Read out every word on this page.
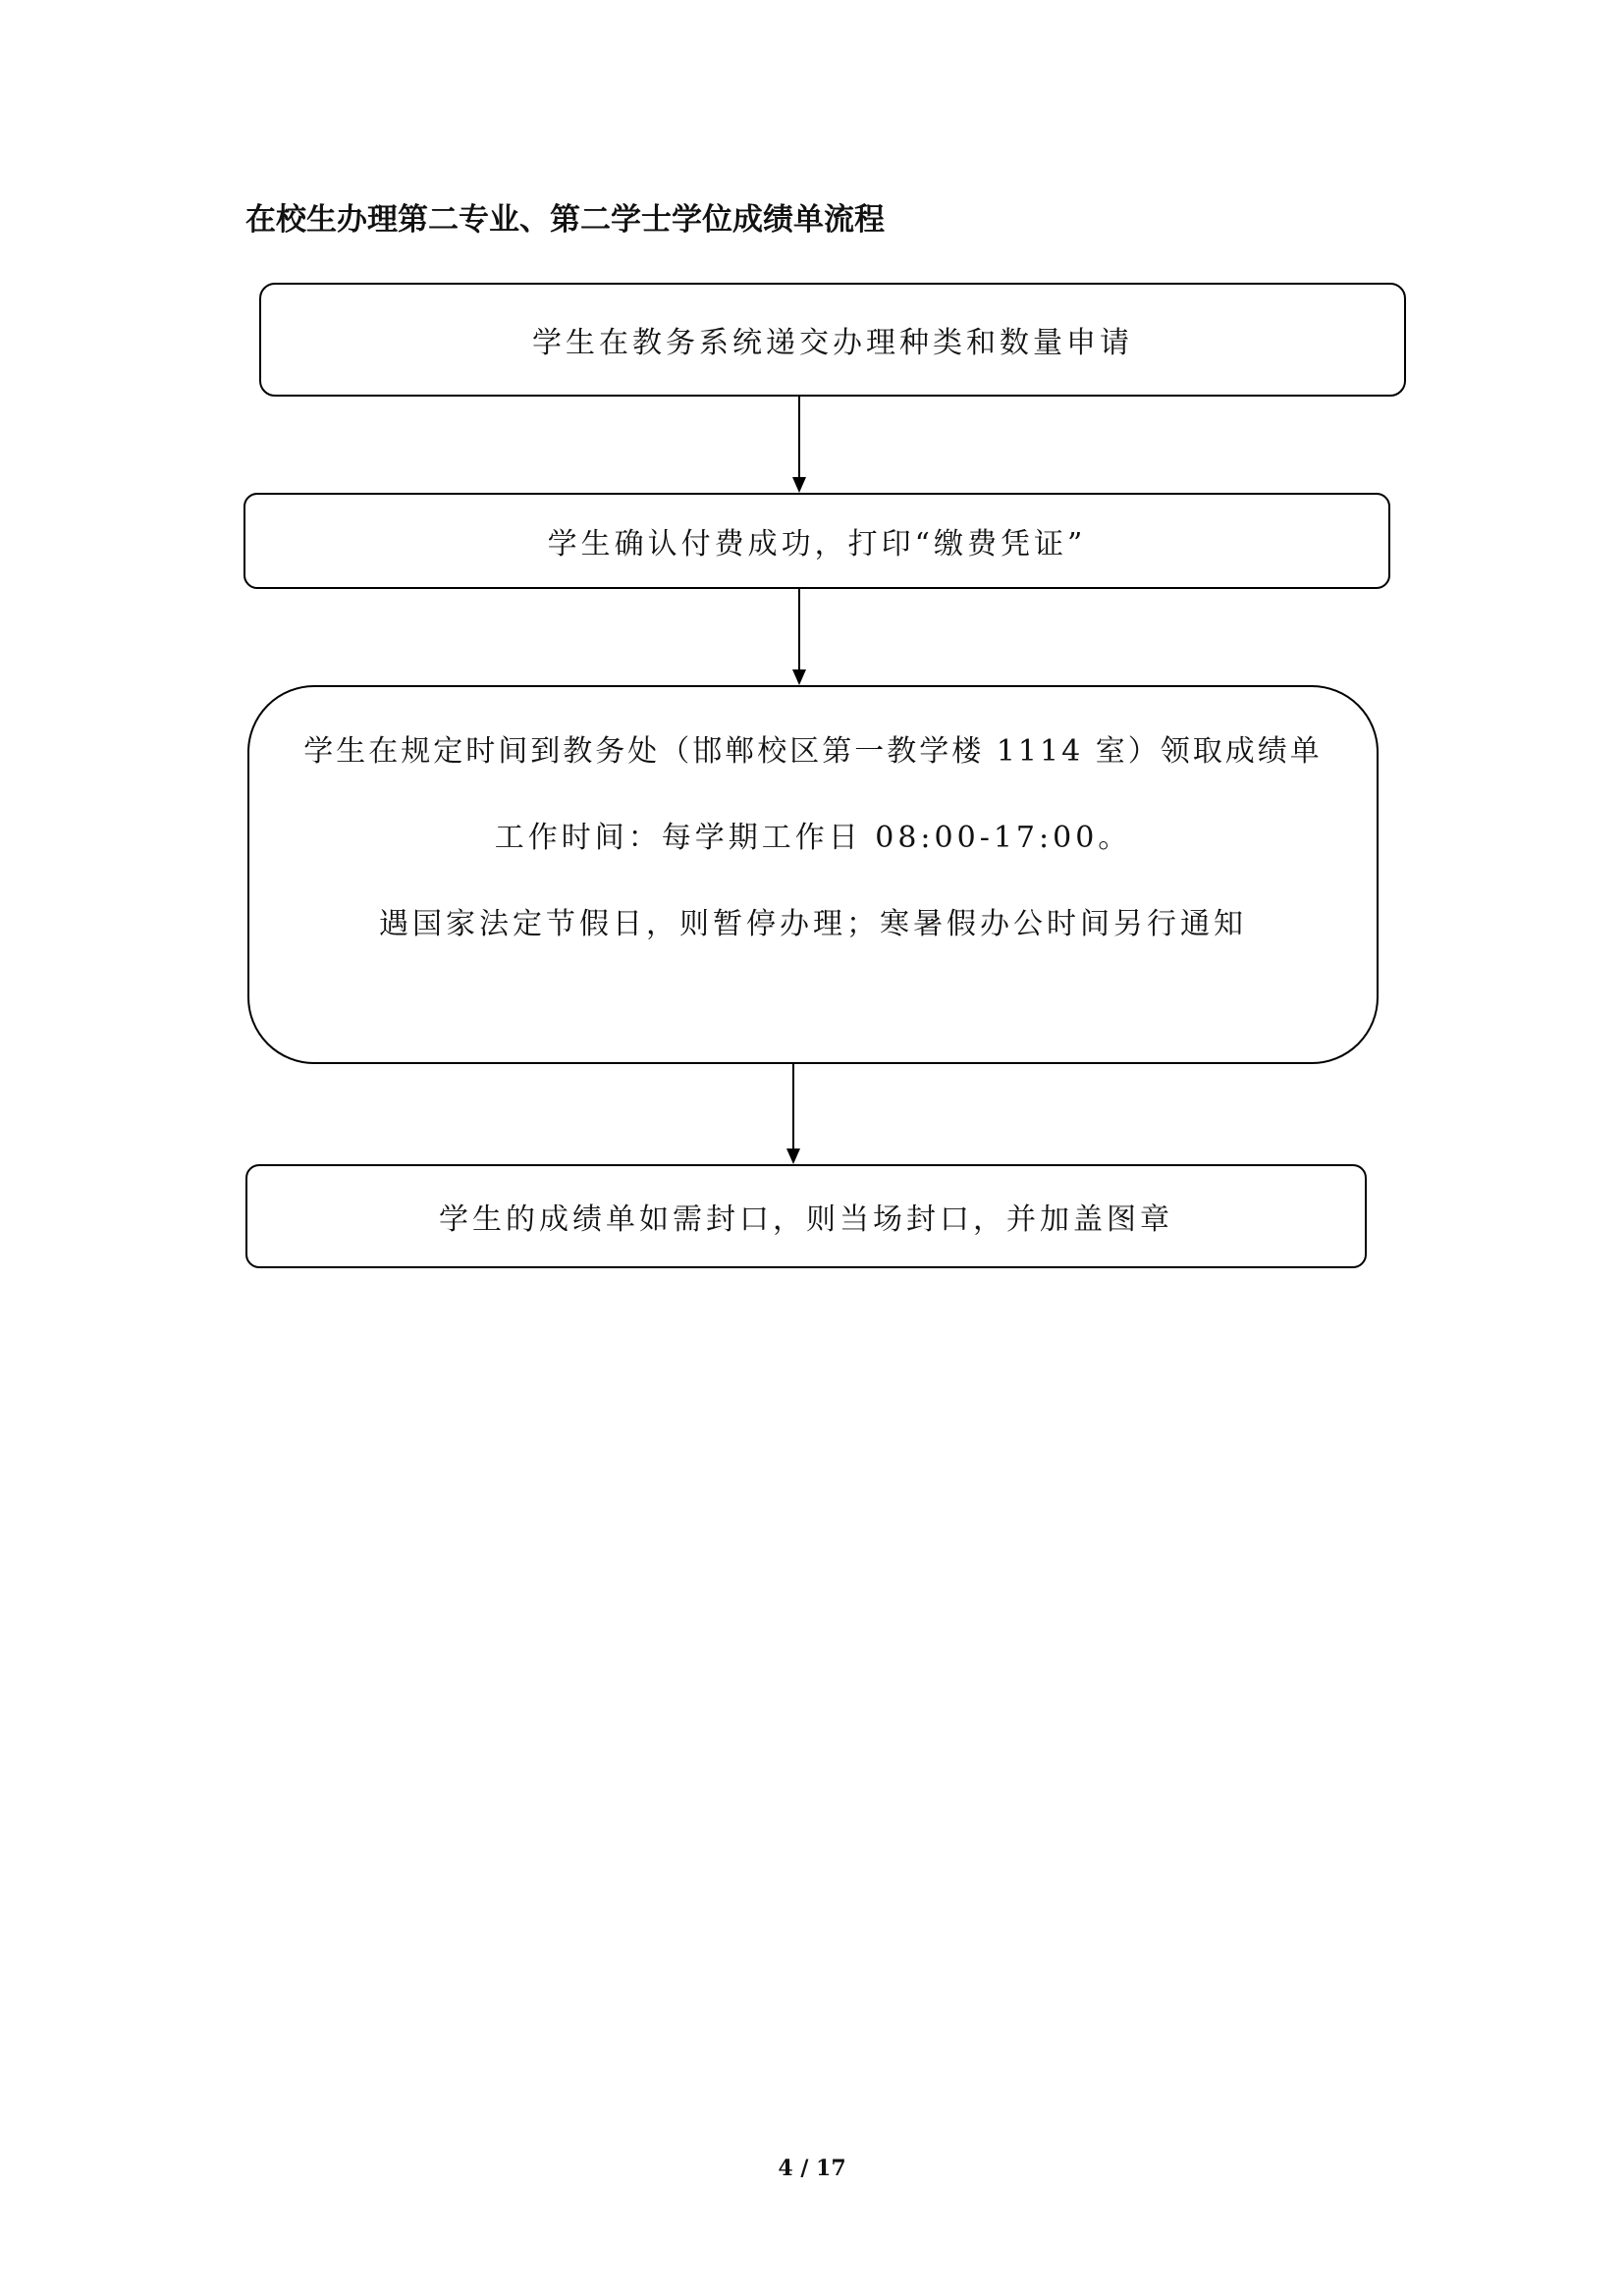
在校生办理第二专业、第二学士学位成绩单流程
学生在教务系统递交办理种类和数量申请
学生确认付费成功，打印“缴费凭证”
学生在规定时间到教务处（邯郸校区第一教学楼 1114 室）领取成绩单
工作时间：每学期工作日 08:00-17:00。
遇国家法定节假日，则暂停办理；寒暑假办公时间另行通知
学生的成绩单如需封口，则当场封口，并加盖图章
4 / 17
